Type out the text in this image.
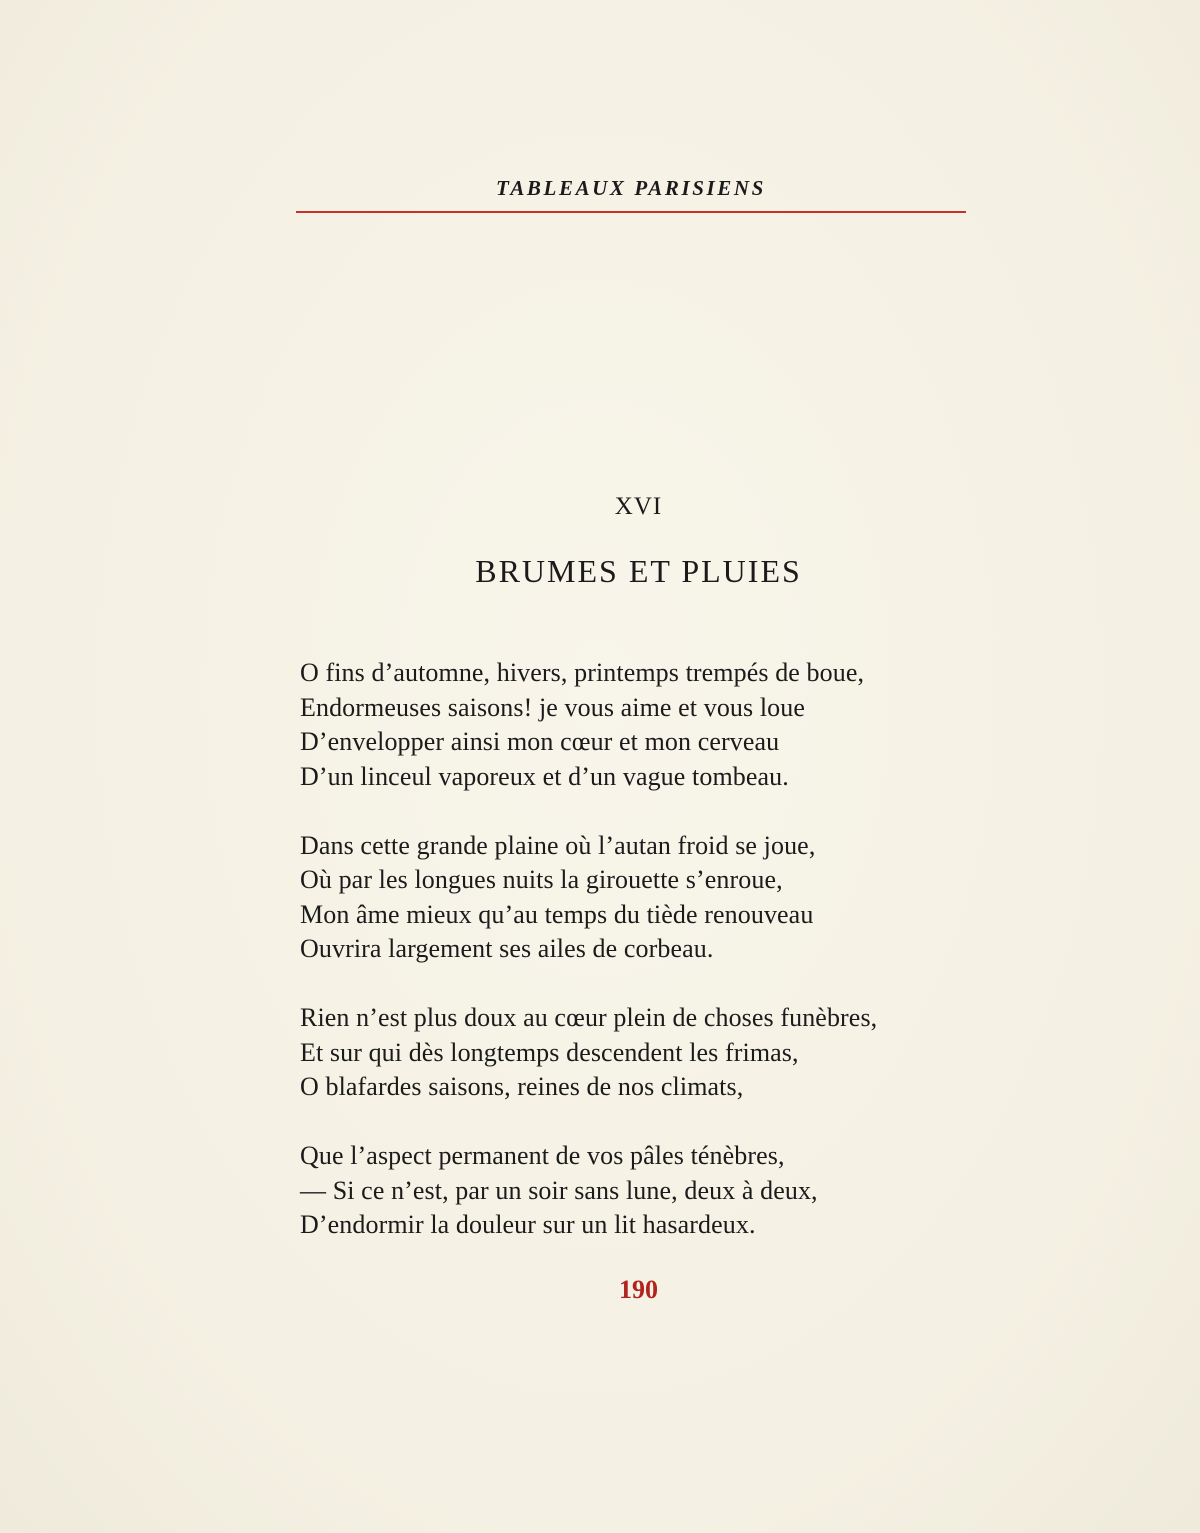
TABLEAUX PARISIENS
XVI
BRUMES ET PLUIES
O fins d’automne, hivers, printemps trempés de boue,
Endormeuses saisons! je vous aime et vous loue
D’envelopper ainsi mon cœur et mon cerveau
D’un linceul vaporeux et d’un vague tombeau.
Dans cette grande plaine où l’autan froid se joue,
Où par les longues nuits la girouette s’enroue,
Mon âme mieux qu’au temps du tiède renouveau
Ouvrira largement ses ailes de corbeau.
Rien n’est plus doux au cœur plein de choses funèbres,
Et sur qui dès longtemps descendent les frimas,
O blafardes saisons, reines de nos climats,
Que l’aspect permanent de vos pâles ténèbres,
— Si ce n’est, par un soir sans lune, deux à deux,
D’endormir la douleur sur un lit hasardeux.
190
